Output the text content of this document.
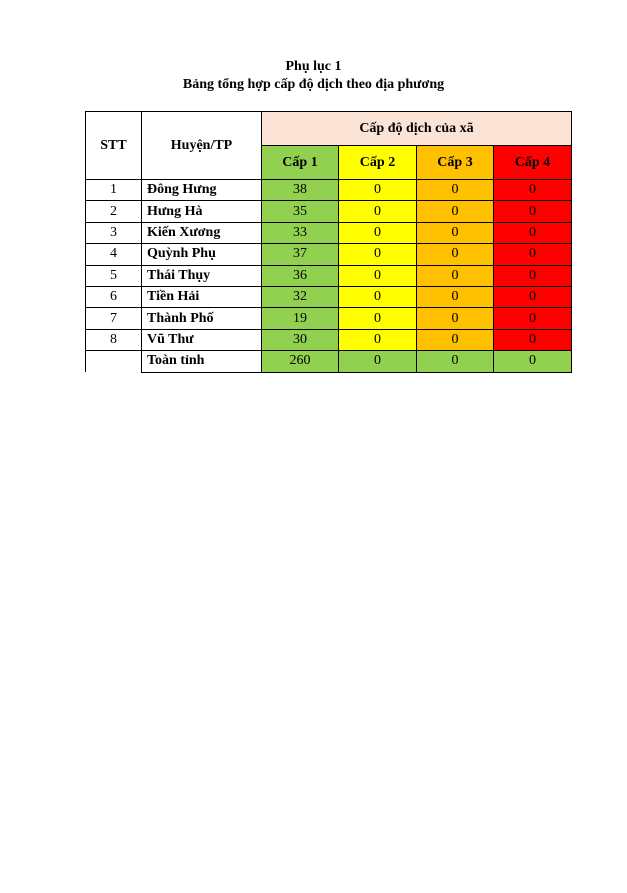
Phụ lục 1
Bảng tổng hợp cấp độ dịch theo địa phương
STT	Huyện/TP	Cấp độ dịch của xã			
		Cấp 1	Cấp 2	Cấp 3	Cấp 4
1	Đông Hưng	38	0	0	0
2	Hưng Hà	35	0	0	0
3	Kiến Xương	33	0	0	0
4	Quỳnh Phụ	37	0	0	0
5	Thái Thụy	36	0	0	0
6	Tiền Hải	32	0	0	0
7	Thành Phố	19	0	0	0
8	Vũ Thư	30	0	0	0
	Toàn tỉnh	260	0	0	0
